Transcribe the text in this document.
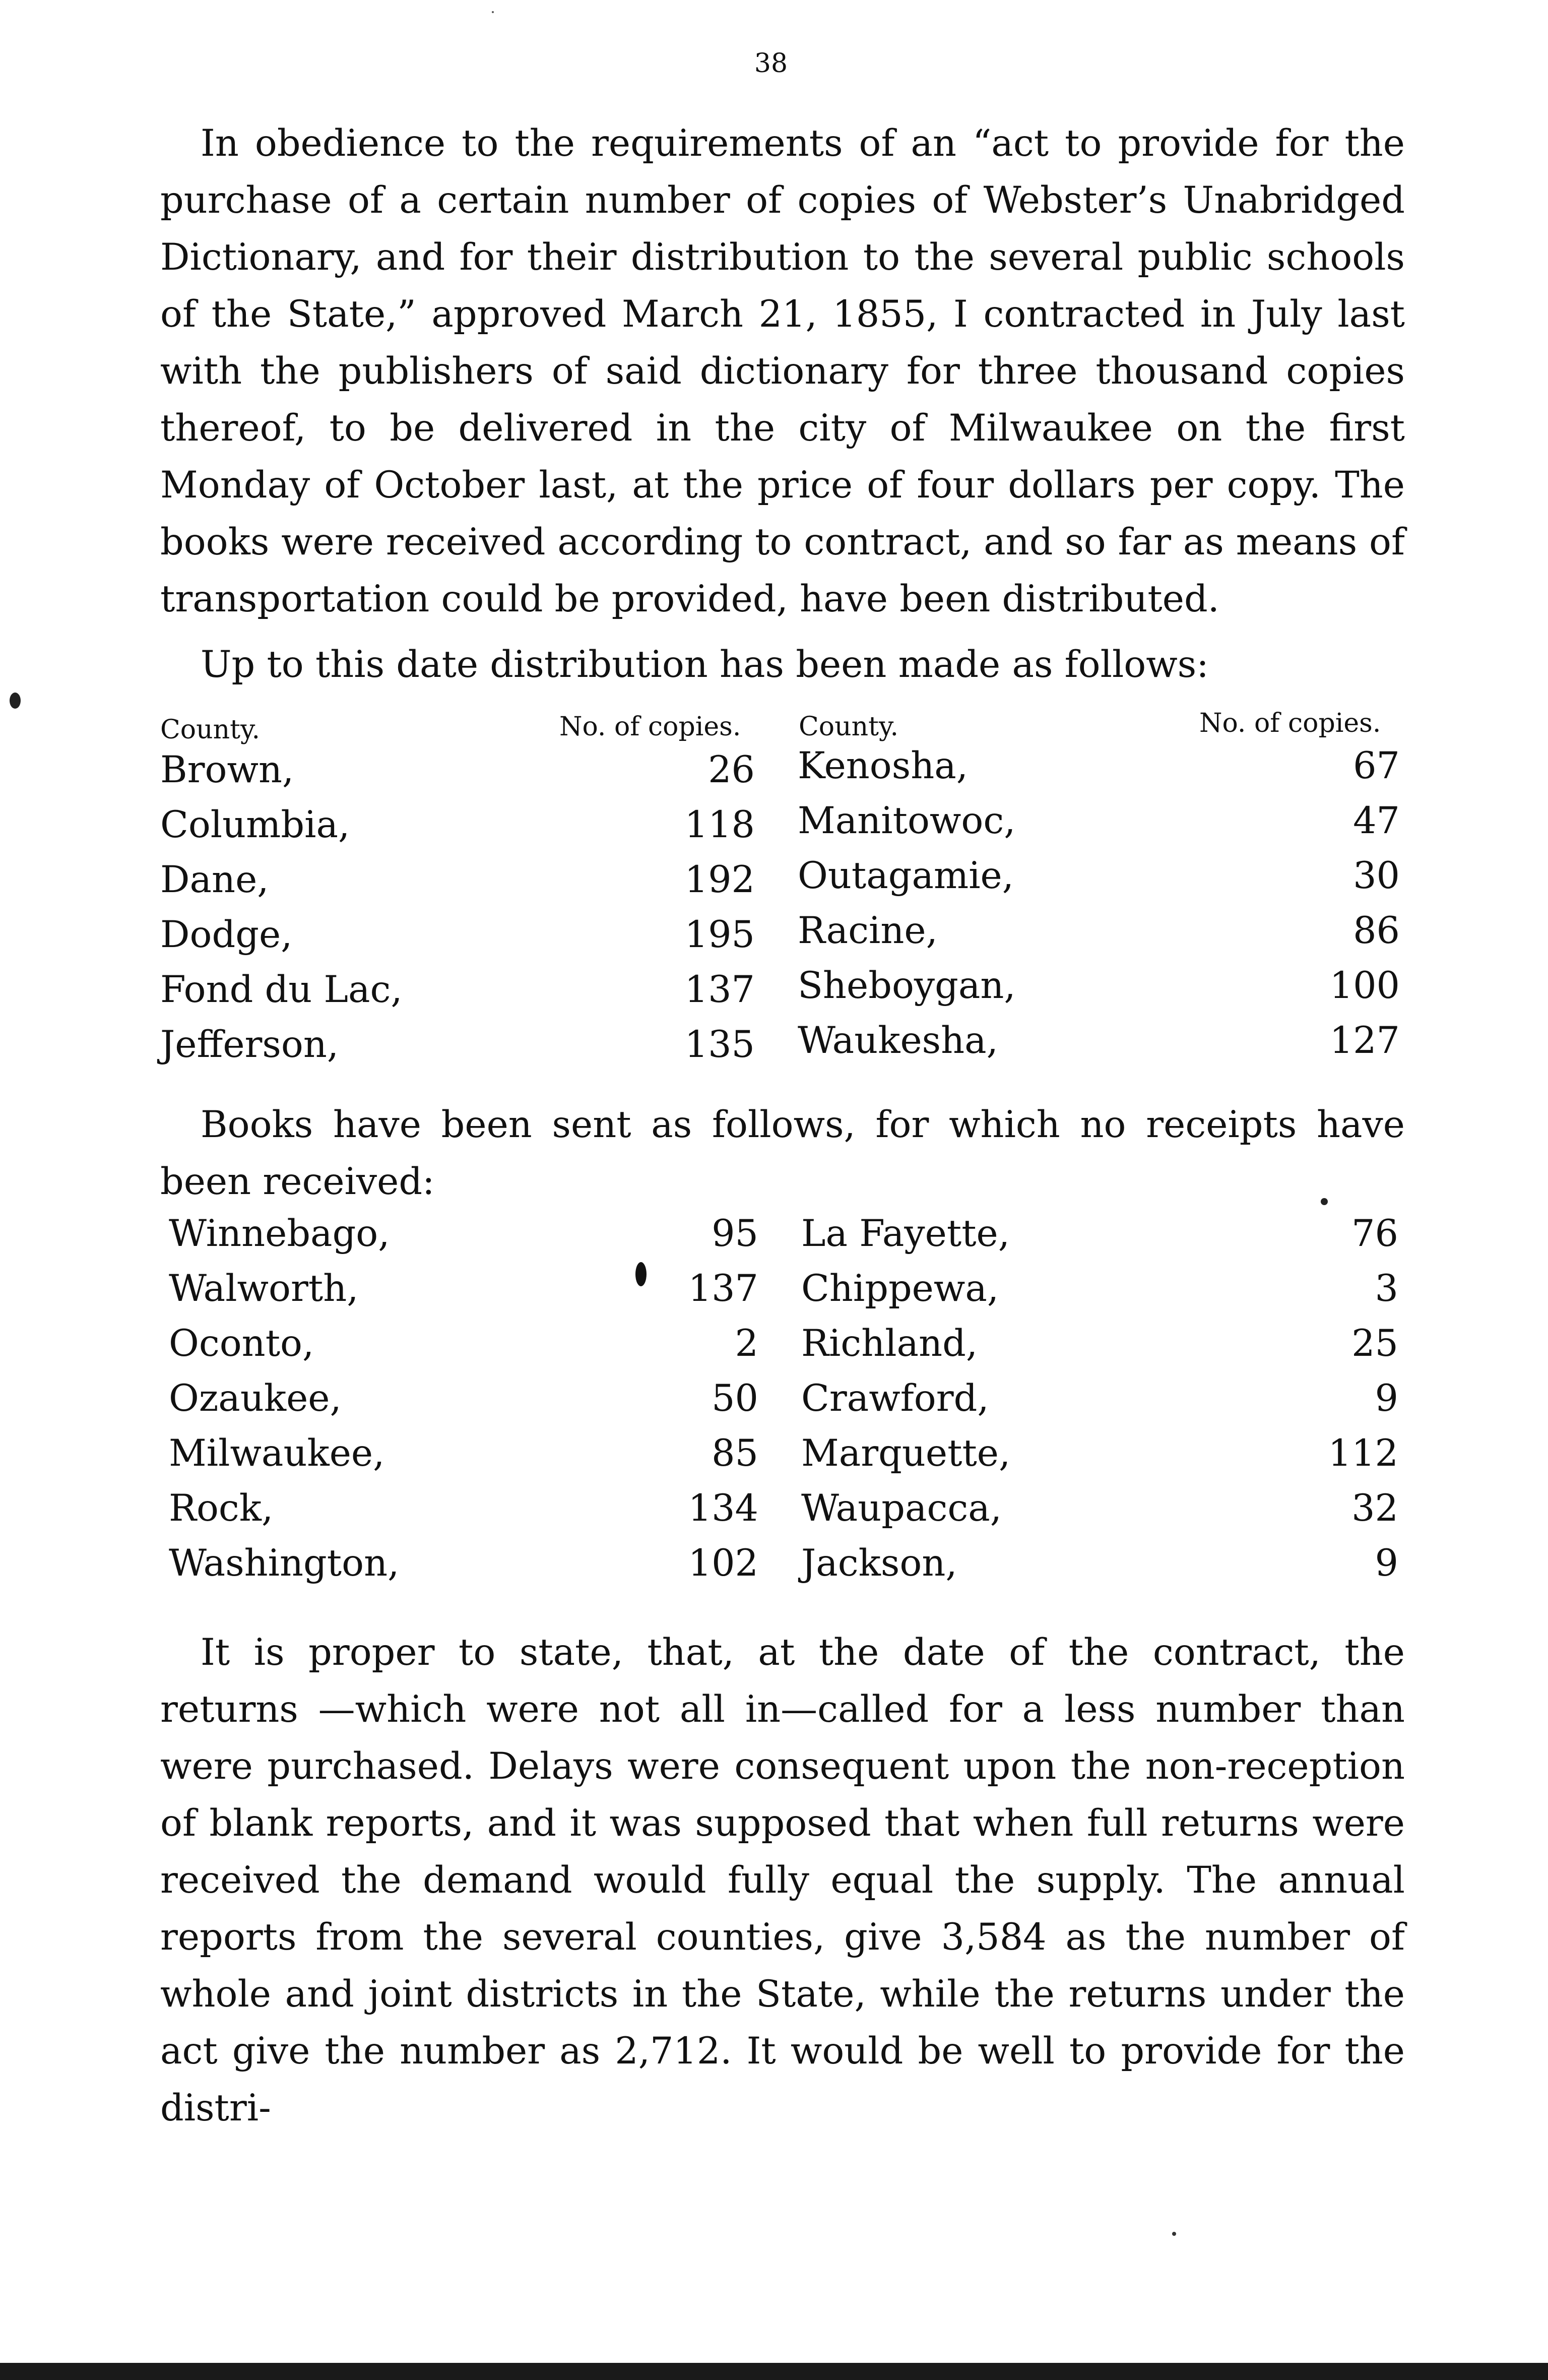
38

In obedience to the requirements of an “act to provide for the purchase of a certain number of copies of Webster’s Unabridged Dictionary, and for their distribution to the several public schools of the State,” approved March 21, 1855, I contracted in July last with the publishers of said dictionary for three thousand copies thereof, to be delivered in the city of Milwaukee on the first Monday of October last, at the price of four dollars per copy. The books were received according to contract, and so far as means of transportation could be provided, have been distributed.

Up to this date distribution has been made as follows:

County.	No. of copies. County.	No. of copies.
Brown,	26
Columbia,	118
Dane,	192
Dodge,	195
Fond du Lac,	137
Jefferson,	135
Kenosha,	67
Manitowoc,	47
Outagamie,	30
Racine,	86
Sheboygan,	100
Waukesha,	127

Books have been sent as follows, for which no receipts have been received:

Winnebago,	95
Walworth,	137
Oconto,	2
Ozaukee,	50
Milwaukee,	85
Rock,	134
Washington,	102
La Fayette,	76
Chippewa,	3
Richland,	25
Crawford,	9
Marquette,	112
Waupacca,	32
Jackson,	9

It is proper to state, that, at the date of the contract, the returns —which were not all in—called for a less number than were purchased. Delays were consequent upon the non-reception of blank reports, and it was supposed that when full returns were received the demand would fully equal the supply. The annual reports from the several counties, give 3,584 as the number of whole and joint districts in the State, while the returns under the act give the number as 2,712. It would be well to provide for the distri-
